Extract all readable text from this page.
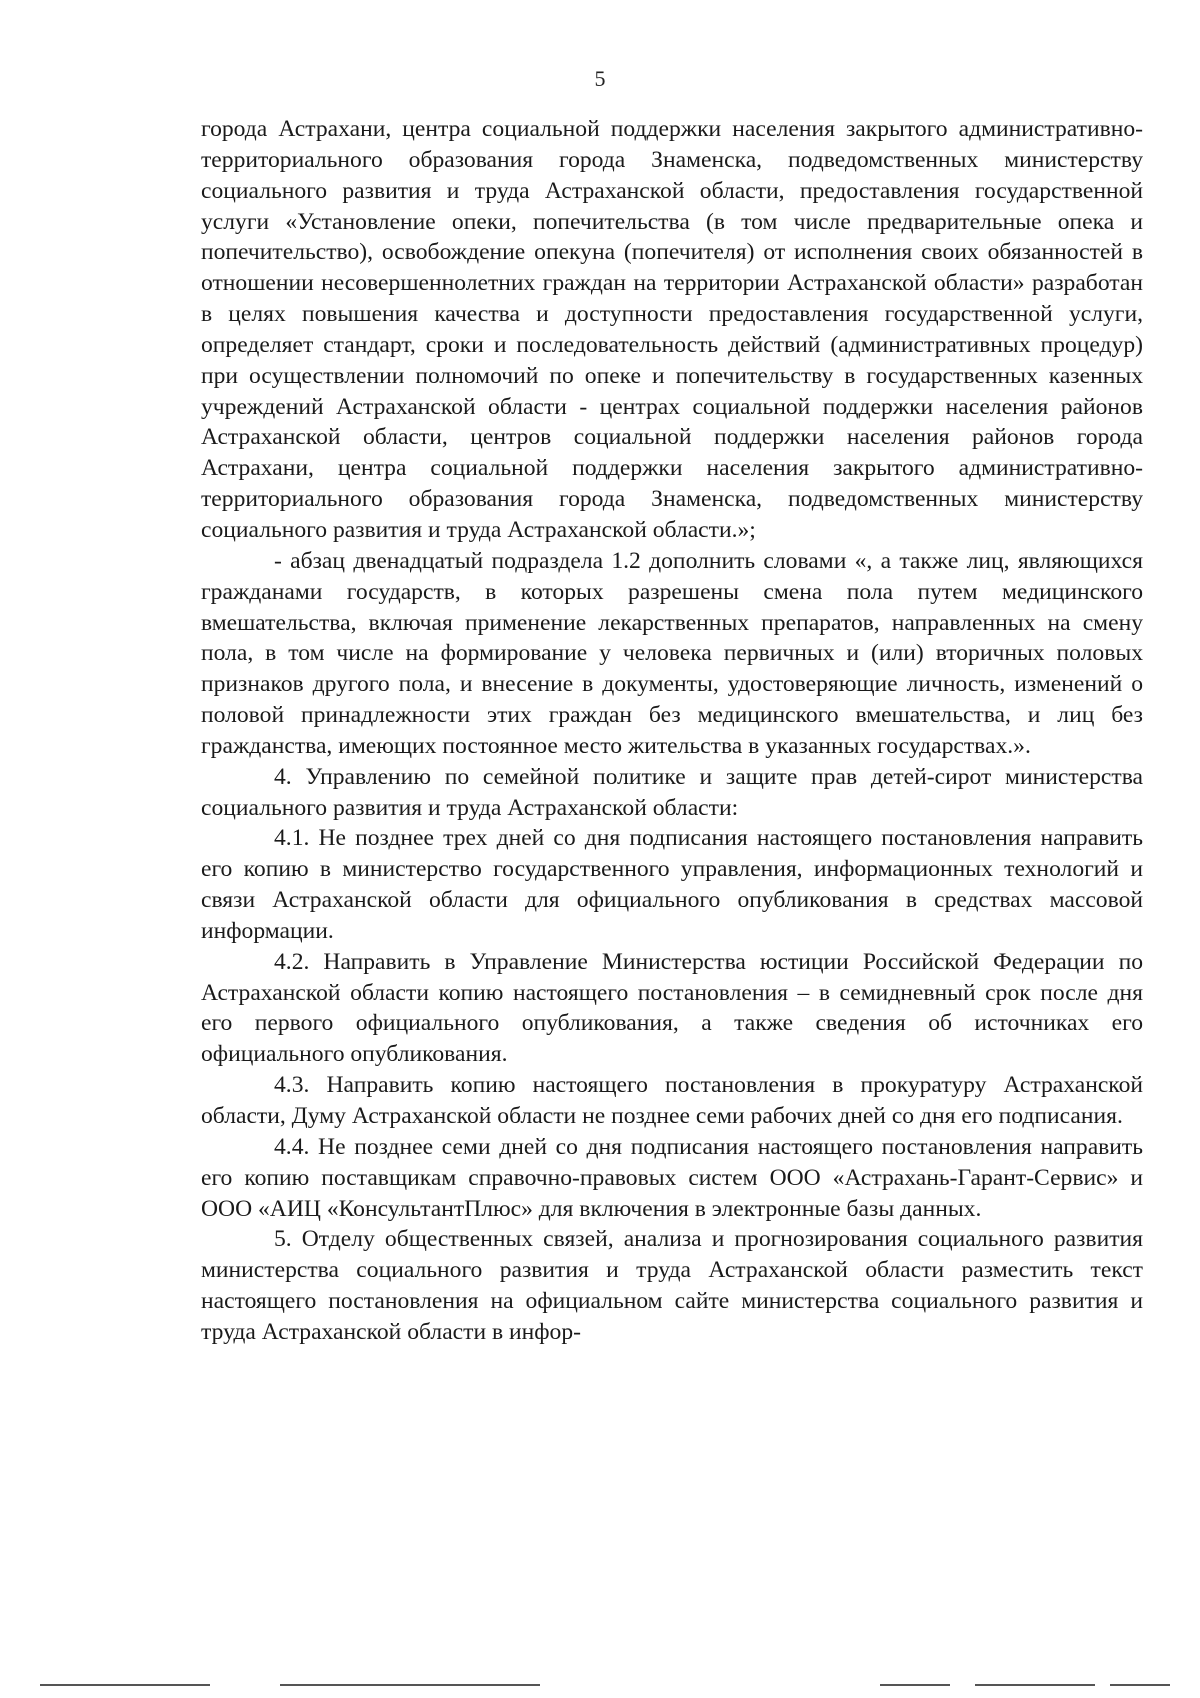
5

города Астрахани, центра социальной поддержки населения закрытого административно-территориального образования города Знаменска, подведомственных министерству социального развития и труда Астраханской области, предоставления государственной услуги «Установление опеки, попечительства (в том числе предварительные опека и попечительство), освобождение опекуна (попечителя) от исполнения своих обязанностей в отношении несовершеннолетних граждан на территории Астраханской области» разработан в целях повышения качества и доступности предоставления государственной услуги, определяет стандарт, сроки и последовательность действий (административных процедур) при осуществлении полномочий по опеке и попечительству в государственных казенных учреждений Астраханской области - центрах социальной поддержки населения районов Астраханской области, центров социальной поддержки населения районов города Астрахани, центра социальной поддержки населения закрытого административно-территориального образования города Знаменска, подведомственных министерству социального развития и труда Астраханской области.»;

- абзац двенадцатый подраздела 1.2 дополнить словами «, а также лиц, являющихся гражданами государств, в которых разрешены смена пола путем медицинского вмешательства, включая применение лекарственных препаратов, направленных на смену пола, в том числе на формирование у человека первичных и (или) вторичных половых признаков другого пола, и внесение в документы, удостоверяющие личность, изменений о половой принадлежности этих граждан без медицинского вмешательства, и лиц без гражданства, имеющих постоянное место жительства в указанных государствах.».

4. Управлению по семейной политике и защите прав детей-сирот министерства социального развития и труда Астраханской области:

4.1. Не позднее трех дней со дня подписания настоящего постановления направить его копию в министерство государственного управления, информационных технологий и связи Астраханской области для официального опубликования в средствах массовой информации.

4.2. Направить в Управление Министерства юстиции Российской Федерации по Астраханской области копию настоящего постановления – в семидневный срок после дня его первого официального опубликования, а также сведения об источниках его официального опубликования.

4.3. Направить копию настоящего постановления в прокуратуру Астраханской области, Думу Астраханской области не позднее семи рабочих дней со дня его подписания.

4.4. Не позднее семи дней со дня подписания настоящего постановления направить его копию поставщикам справочно-правовых систем ООО «Астрахань-Гарант-Сервис» и ООО «АИЦ «КонсультантПлюс» для включения в электронные базы данных.

5. Отделу общественных связей, анализа и прогнозирования социального развития министерства социального развития и труда Астраханской области разместить текст настоящего постановления на официальном сайте министерства социального развития и труда Астраханской области в инфор-
